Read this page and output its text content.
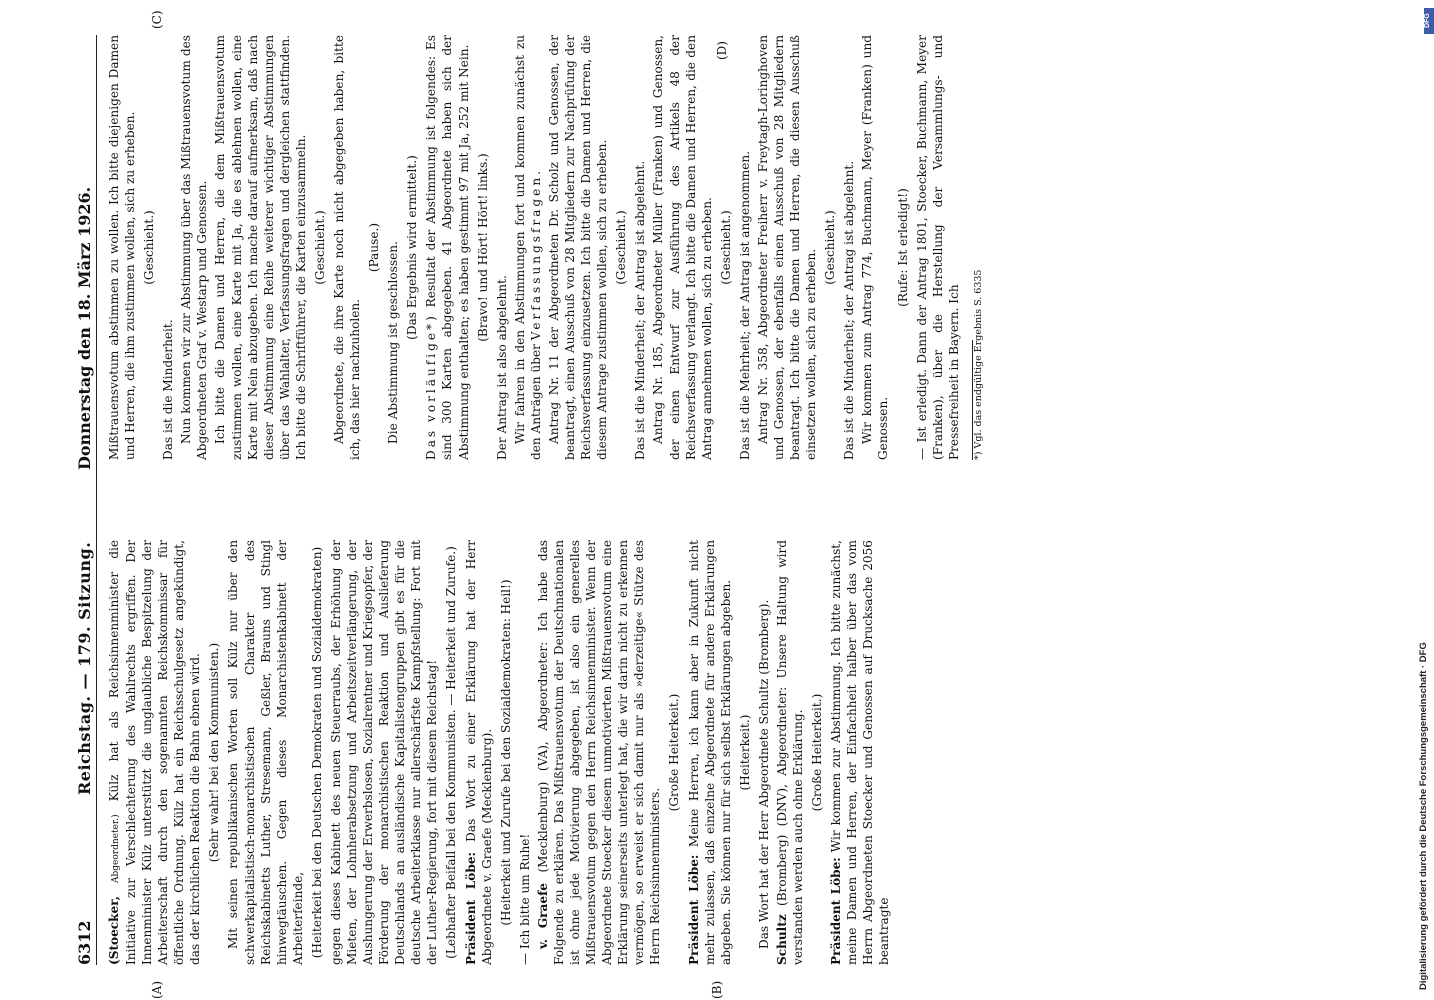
6312
Reichstag. — 179. Sitzung.
Donnerstag den 18. März 1926.
(A)	(B)
(C)
(D)

(Stoecker, Abgeordneter.) Külz hat als Reichsinnenminister die Initiative zur Verschlechterung des Wahlrechts ergriffen. Der Innenminister Külz unterstützt die unglaubliche Bespitzelung der Arbeiterschaft durch den sogenannten Reichskommissar für öffentliche Ordnung. Külz hat ein Reichsschulgesetz angekündigt, das der kirchlichen Reaktion die Bahn ebnen wird. (Sehr wahr! bei den Kommunisten.) Mit seinen republikanischen Worten soll Külz nur über den schwerkapitalistisch-monarchistischen Charakter des Reichskabinetts Luther, Stresemann, Geßler, Brauns und Stingl hinwegtäuschen. Gegen dieses Monarchistenkabinett der Arbeiterfeinde, (Heiterkeit bei den Deutschen Demokraten und Sozialdemokraten) gegen dieses Kabinett des neuen Steuerraubs, der Erhöhung der Mieten, der Lohnherabsetzung und Arbeitszeitverlängerung, der Aushungerung der Erwerbslosen, Sozialrentner und Kriegsopfer, der Förderung der monarchistischen Reaktion und Auslieferung Deutschlands an ausländische Kapitalistengruppen gibt es für die deutsche Arbeiterklasse nur allerschärfste Kampfstellung: Fort mit der Luther-Regierung, fort mit diesem Reichstag! (Lebhafter Beifall bei den Kommunisten. — Heiterkeit und Zurufe.) Präsident Löbe: Das Wort zu einer Erklärung hat der Herr Abgeordnete v. Graefe (Mecklenburg). (Heiterkeit und Zurufe bei den Sozialdemokraten: Heil!) — Ich bitte um Ruhe! v. Graefe (Mecklenburg) (VA), Abgeordneter: Ich habe das Folgende zu erklären. Das Mißtrauensvotum der Deutschnationalen ist ohne jede Motivierung abgegeben, ist also ein generelles Mißtrauensvotum gegen den Herrn Reichsinnenminister. Wenn der Abgeordnete Stoecker diesem unmotivierten Mißtrauensvotum eine Erklärung seinerseits unterlegt hat, die wir darin nicht zu erkennen vermögen, so erweist er sich damit nur als »derzeitige« Stütze des Herrn Reichsinnenministers.

(Große Heiterkeit.)

Präsident Löbe: Meine Herren, ich kann aber in Zukunft nicht mehr zulassen, daß einzelne Abgeordnete für andere Erklärungen abgeben. Sie können nur für sich selbst Erklärungen abgeben. (Heiterkeit.) Das Wort hat der Herr Abgeordnete Schultz (Bromberg). Schultz (Bromberg) (DNV), Abgeordneter: Unsere Haltung wird verstanden werden auch ohne Erklärung. (Große Heiterkeit.)

Präsident Löbe: Wir kommen zur Abstimmung. Ich bitte zunächst, meine Damen und Herren, der Einfachheit halber über das vom Herrn Abgeordneten Stoecker und Genossen auf Drucksache 2056 beantragte

Mißtrauensvotum abstimmen zu wollen. Ich bitte diejenigen Damen und Herren, die ihm zustimmen wollen, sich zu erheben. (Geschieht.)

Das ist die Minderheit. Nun kommen wir zur Abstimmung über das Mißtrauensvotum des Abgeordneten Graf v. Westarp und Genossen. Ich bitte die Damen und Herren, die dem Mißtrauensvotum zustimmen wollen, eine Karte mit Ja, die es ablehnen wollen, eine Karte mit Nein abzugeben. Ich mache darauf aufmerksam, daß nach dieser Abstimmung eine Reihe weiterer wichtiger Abstimmungen über das Wahlalter, Verfassungsfragen und dergleichen stattfinden. Ich bitte die Schriftführer, die Karten einzusammeln. (Geschieht.) Abgeordnete, die ihre Karte noch nicht abgegeben haben, bitte ich, das hier nachzuholen.

(Pause.) Die Abstimmung ist geschlossen. (Das Ergebnis wird ermittelt.)

Das vorläufige*) Resultat der Abstimmung ist folgendes: Es sind 300 Karten abgegeben. 41 Abgeordnete haben sich der Abstimmung enthalten; es haben gestimmt 97 mit Ja, 252 mit Nein. (Bravo! und Hört! Hört! links.)

Der Antrag ist also abgelehnt. Wir fahren in den Abstimmungen fort und kommen zunächst zu den Anträgen über Verfassungsfragen. Antrag Nr. 11 der Abgeordneten Dr. Scholz und Genossen, der beantragt, einen Ausschuß von 28 Mitgliedern zur Nachprüfung der Reichsverfassung einzusetzen. Ich bitte die Damen und Herren, die diesem Antrage zustimmen wollen, sich zu erheben. (Geschieht.) Das ist die Minderheit; der Antrag ist abgelehnt. Antrag Nr. 185, Abgeordneter Müller (Franken) und Genossen, der einen Entwurf zur Ausführung des Artikels 48 der Reichsverfassung verlangt. Ich bitte die Damen und Herren, die den Antrag annehmen wollen, sich zu erheben. (Geschieht.) Das ist die Mehrheit; der Antrag ist angenommen. Antrag Nr. 358, Abgeordneter Freiherr v. Freytagh-Loringhoven und Genossen, der ebenfalls einen Ausschuß von 28 Mitgliedern beantragt. Ich bitte die Damen und Herren, die diesen Ausschuß einsetzen wollen, sich zu erheben.

(Geschieht.) Das ist die Minderheit; der Antrag ist abgelehnt. Wir kommen zum Antrag 774, Buchmann, Meyer (Franken) und Genossen.

(Rufe: Ist erledigt!) — Ist erledigt. Dann der Antrag 1801, Stoecker, Buchmann, Meyer (Franken), über die Herstellung der Versammlungs- und Pressefreiheit in Bayern. Ich *) Vgl. das endgültige Ergebnis S. 6335

DFG
Digitalisierung gefördert durch die Deutsche Forschungsgemeinschaft · DFG
